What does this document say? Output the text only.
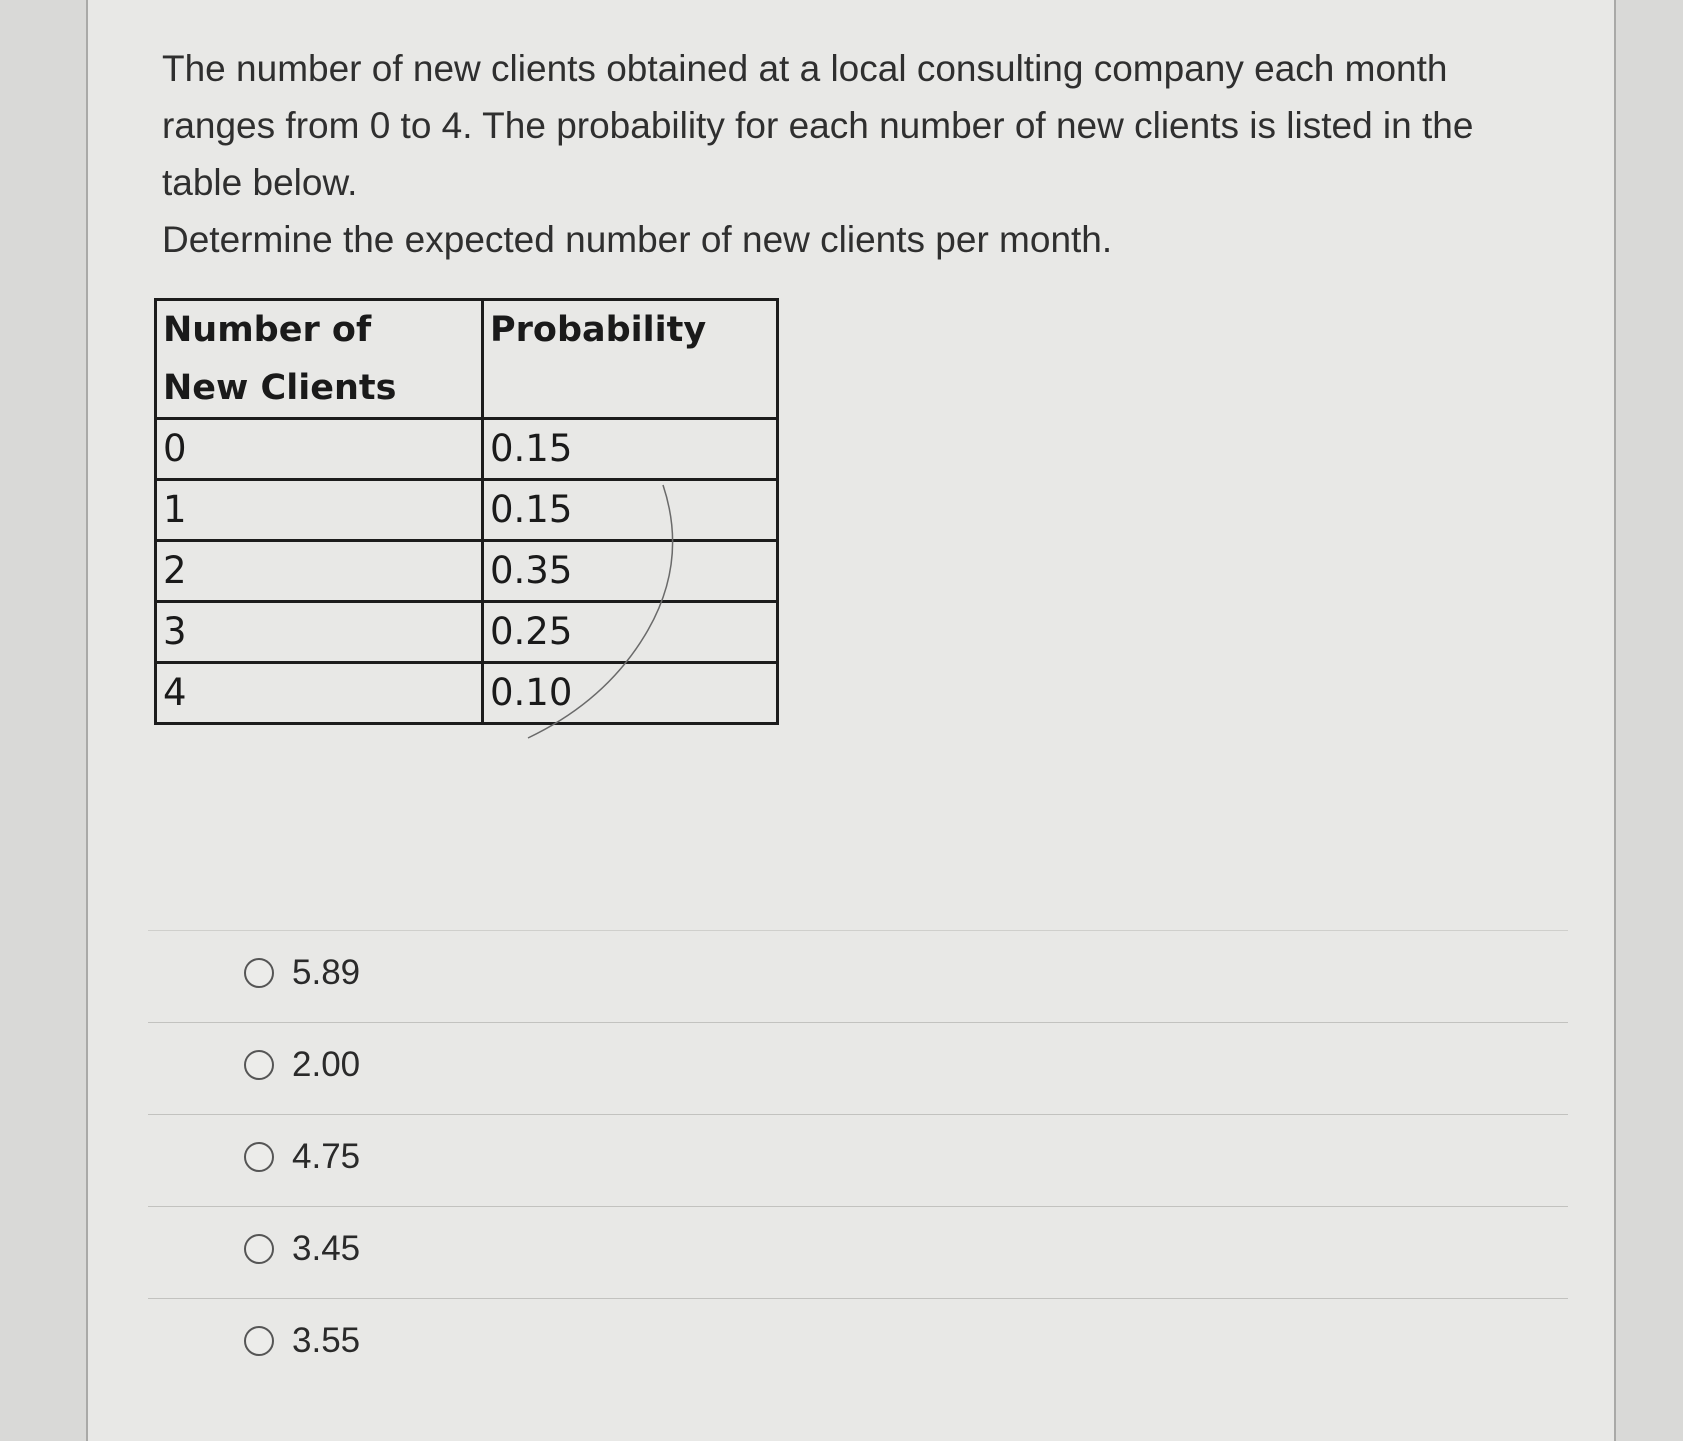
The number of new clients obtained at a local consulting company each month ranges from 0 to 4. The probability for each number of new clients is listed in the table below.

Determine the expected number of new clients per month.

Number of
New Clients	Probability
0	0.15
1	0.15
2	0.35
3	0.25
4	0.10
5.89
2.00
4.75
3.45
3.55
